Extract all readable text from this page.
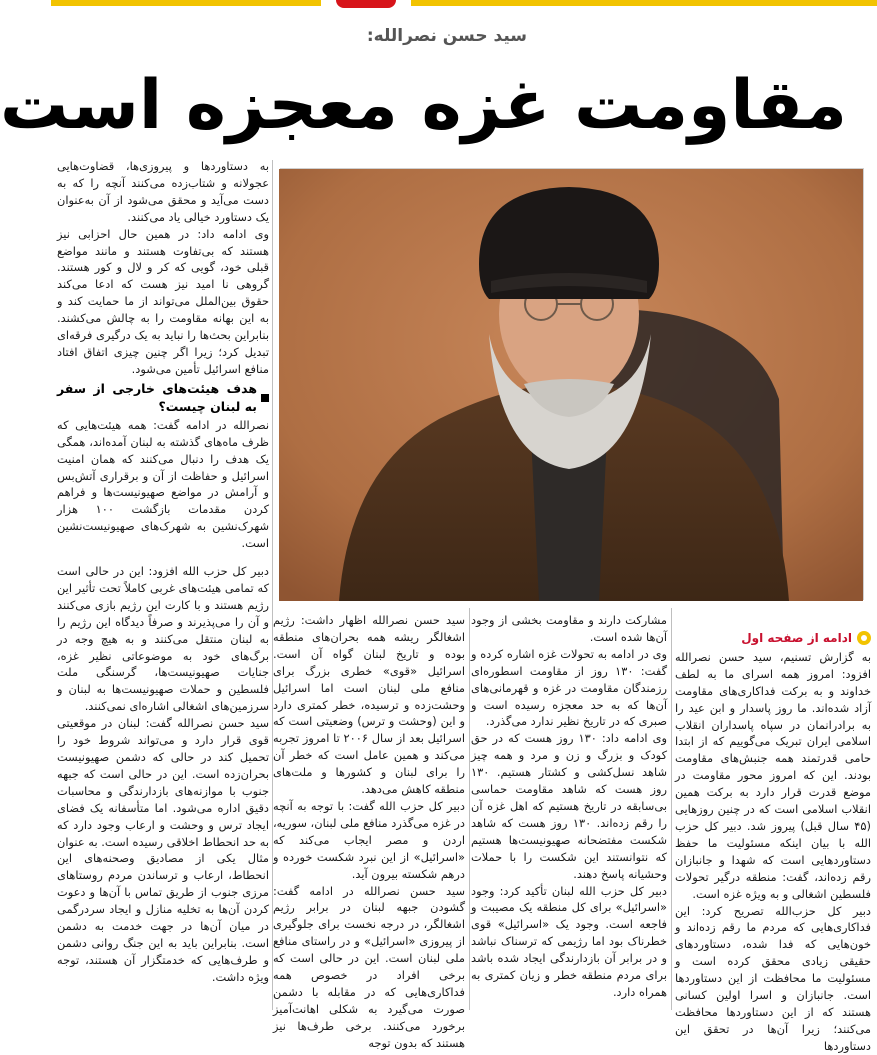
سید حسن نصرالله:
مقاومت غزه معجزه است

به دستاوردها و پیروزی‌ها، قضاوت‌هایی عجولانه و شتاب‌زده می‌کنند آنچه را که به دست می‌آید و محقق می‌شود از آن به‌عنوان یک دستاورد خیالی یاد می‌کنند.

وی ادامه داد: در همین حال احزابی نیز هستند که بی‌تفاوت هستند و مانند مواضع قبلی خود، گویی که کر و لال و کور هستند. گروهی نا امید نیز هست که ادعا می‌کند حقوق بین‌الملل می‌تواند از ما حمایت کند و به این بهانه مقاومت را به چالش می‌کشند. بنابراین بحث‌ها را نباید به یک درگیری فرقه‌ای تبدیل کرد؛ زیرا اگر چنین چیزی اتفاق افتاد منافع اسرائیل تأمین می‌شود.

هدف هیئت‌های خارجی از سفر به لبنان چیست؟

نصرالله در ادامه گفت: همه هیئت‌هایی که ظرف ماه‌های گذشته به لبنان آمده‌اند، همگی یک هدف را دنبال می‌کنند که همان امنیت اسرائیل و حفاظت از آن و برقراری آتش‌بس و آرامش در مواضع صهیونیست‌ها و فراهم کردن مقدمات بازگشت ۱۰۰ هزار شهرک‌نشین به شهرک‌های صهیونیست‌نشین است.

دبیر کل حزب الله افزود: این در حالی است که تمامی هیئت‌های غربی کاملاً تحت تأثیر این رژیم هستند و با کارت این رژیم بازی می‌کنند و آن را می‌پذیرند و صرفاً دیدگاه این رژیم را به لبنان منتقل می‌کنند و به هیچ وجه در برگ‌های خود به موضوعاتی نظیر غزه، جنایات صهیونیست‌ها، گرسنگی ملت فلسطین و حملات صهیونیست‌ها به لبنان و سرزمین‌های اشغالی اشاره‌ای نمی‌کنند.

سید حسن نصرالله گفت: لبنان در موقعیتی قوی قرار دارد و می‌تواند شروط خود را تحمیل کند در حالی که دشمن صهیونیست بحران‌زده است. این در حالی است که جبهه جنوب با موازنه‌های بازدارندگی و محاسبات دقیق اداره می‌شود. اما متأسفانه یک فضای ایجاد ترس و وحشت و ارعاب وجود دارد که به حد انحطاط اخلاقی رسیده است. به عنوان مثال یکی از مصادیق وصحنه‌های این انحطاط، ارعاب و ترساندن مردم روستاهای مرزی جنوب از طریق تماس با آن‌ها و دعوت کردن آن‌ها به تخلیه منازل و ایجاد سردرگمی در میان آن‌ها در جهت خدمت به دشمن است. بنابراین باید به این جنگ روانی دشمن و طرف‌هایی که خدمتگزار آن هستند، توجه ویژه داشت.

ادامه از صفحه اول

به گزارش تسنیم، سید حسن نصرالله افزود: امروز همه اسرای ما به لطف خداوند و به برکت فداکاری‌های مقاومت آزاد شده‌اند. ما روز پاسدار و ابن عید را به برادرانمان در سپاه پاسداران انقلاب اسلامی ایران تبریک می‌گوییم که از ابتدا حامی قدرتمند همه جنبش‌های مقاومت بودند. این که امروز محور مقاومت در موضع قدرت قرار دارد به برکت همین انقلاب اسلامی است که در چنین روزهایی (۴۵ سال قبل) پیروز شد. دبیر کل حزب الله با بیان اینکه مسئولیت ما حفظ دستاوردهایی است که شهدا و جانبازان رقم زده‌اند، گفت: منطقه درگیر تحولات فلسطین اشغالی و به ویژه غزه است.

دبیر کل حزب‌الله تصریح کرد: این فداکاری‌هایی که مردم ما رقم زده‌اند و خون‌هایی که فدا شده، دستاوردهای حقیقی زیادی محقق کرده است و مسئولیت ما محافظت از این دستاوردها است. جانبازان و اسرا اولین کسانی هستند که از این دستاوردها محافظت می‌کنند؛ زیرا آن‌ها در تحقق این دستاوردها

مشارکت دارند و مقاومت بخشی از وجود آن‌ها شده است.

وی در ادامه به تحولات غزه اشاره کرده و گفت: ۱۳۰ روز از مقاومت اسطوره‌ای رزمندگان مقاومت در غزه و قهرمانی‌های آن‌ها که به حد معجزه رسیده است و صبری که در تاریخ نظیر ندارد می‌گذرد.

وی ادامه داد: ۱۳۰ روز هست که در حق کودک و بزرگ و زن و مرد و همه چیز شاهد نسل‌کشی و کشتار هستیم. ۱۳۰ روز هست که شاهد مقاومت حماسی بی‌سابقه در تاریخ هستیم که اهل غزه آن را رقم زده‌اند. ۱۳۰ روز هست که شاهد شکست مفتضحانه صهیونیست‌ها هستیم که نتوانستند این شکست را با حملات وحشیانه پاسخ دهند.

دبیر کل حزب الله لبنان تأکید کرد: وجود «اسرائیل» برای کل منطقه یک مصیبت و فاجعه است. وجود یک «اسرائیل» قوی خطرناک بود اما رژیمی که ترسناک نباشد و در برابر آن بازدارندگی ایجاد شده باشد برای مردم منطقه خطر و زیان کمتری به همراه دارد.

سید حسن نصرالله اظهار داشت: رژیم اشغالگر ریشه همه بحران‌های منطقه بوده و تاریخ لبنان گواه آن است. اسرائیل «قوی» خطری بزرگ برای منافع ملی لبنان است اما اسرائیل وحشت‌زده و ترسیده، خطر کمتری دارد و این (وحشت و ترس) وضعیتی است که اسرائیل بعد از سال ۲۰۰۶ تا امروز تجربه می‌کند و همین عامل است که خطر آن را برای لبنان و کشورها و ملت‌های منطقه کاهش می‌دهد.

دبیر کل حزب الله گفت: با توجه به آنچه در غزه می‌گذرد منافع ملی لبنان، سوریه، اردن و مصر ایجاب می‌کند که «اسرائیل» از این نبرد شکست خورده و درهم شکسته بیرون آید.

سید حسن نصرالله در ادامه گفت: گشودن جبهه لبنان در برابر رژیم اشغالگر، در درجه نخست برای جلوگیری از پیروزی «اسرائیل» و در راستای منافع ملی لبنان است. این در حالی است که برخی افراد در خصوص همه فداکاری‌هایی که در مقابله با دشمن صورت می‌گیرد به شکلی اهانت‌آمیز برخورد می‌کنند. برخی طرف‌ها نیز هستند که بدون توجه
